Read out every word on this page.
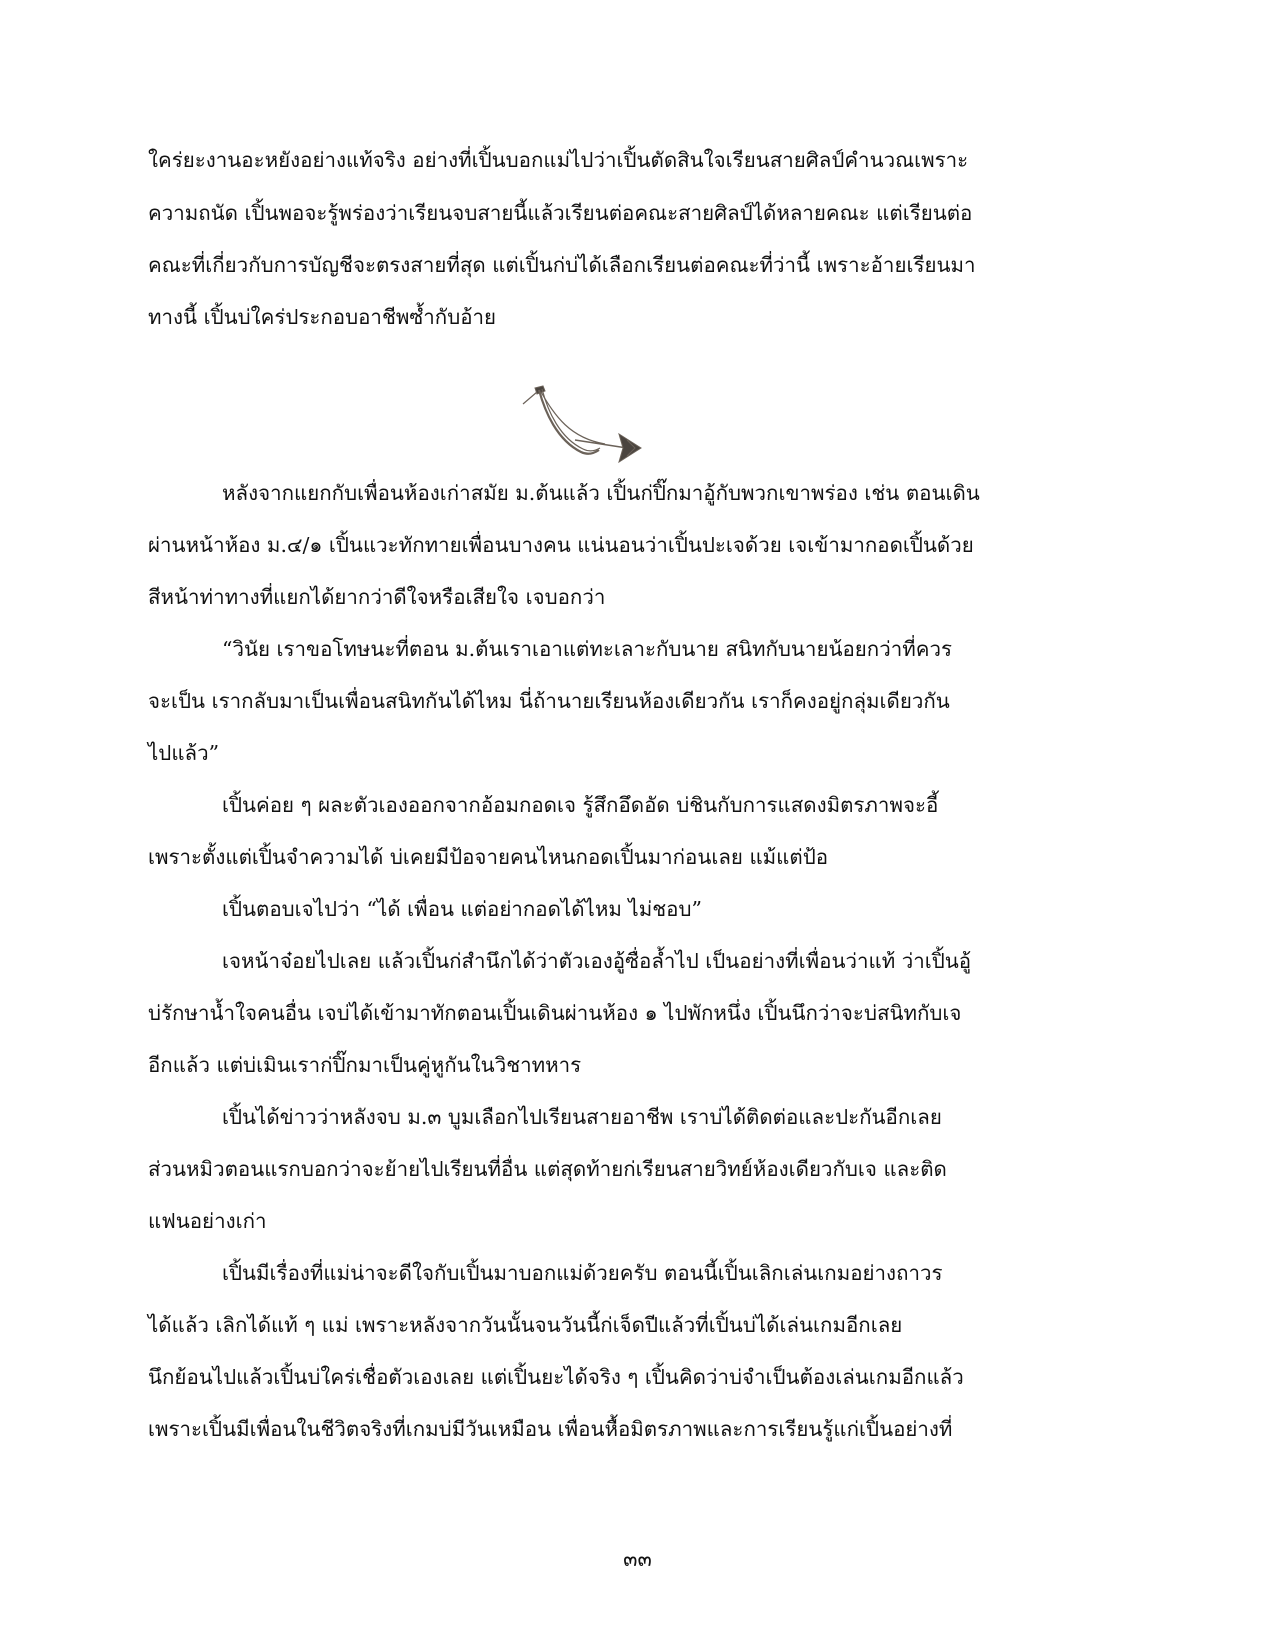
ใคร่ยะงานอะหยังอย่างแท้จริง อย่างที่เปิ้นบอกแม่ไปว่าเปิ้นตัดสินใจเรียนสายศิลป์คำนวณเพราะ
ความถนัด เปิ้นพอจะรู้พร่องว่าเรียนจบสายนี้แล้วเรียนต่อคณะสายศิลป์ได้หลายคณะ แต่เรียนต่อ
คณะที่เกี่ยวกับการบัญชีจะตรงสายที่สุด แต่เปิ้นก่บ่ได้เลือกเรียนต่อคณะที่ว่านี้ เพราะอ้ายเรียนมา
ทางนี้ เปิ้นบ่ใคร่ประกอบอาชีพซ้ำกับอ้าย
หลังจากแยกกับเพื่อนห้องเก่าสมัย ม.ต้นแล้ว เปิ้นก่ปิ๊กมาอู้กับพวกเขาพร่อง เช่น ตอนเดิน
ผ่านหน้าห้อง ม.๔/๑ เปิ้นแวะทักทายเพื่อนบางคน แน่นอนว่าเปิ้นปะเจด้วย เจเข้ามากอดเปิ้นด้วย
สีหน้าท่าทางที่แยกได้ยากว่าดีใจหรือเสียใจ เจบอกว่า
“วินัย เราขอโทษนะที่ตอน ม.ต้นเราเอาแต่ทะเลาะกับนาย สนิทกับนายน้อยกว่าที่ควร
จะเป็น เรากลับมาเป็นเพื่อนสนิทกันได้ไหม นี่ถ้านายเรียนห้องเดียวกัน เราก็คงอยู่กลุ่มเดียวกัน
ไปแล้ว”
เปิ้นค่อย ๆ ผละตัวเองออกจากอ้อมกอดเจ รู้สึกอึดอัด บ่ชินกับการแสดงมิตรภาพจะอี้
เพราะตั้งแต่เปิ้นจำความได้ บ่เคยมีป้อจายคนไหนกอดเปิ้นมาก่อนเลย แม้แต่ป้อ
เปิ้นตอบเจไปว่า “ได้ เพื่อน แต่อย่ากอดได้ไหม ไม่ชอบ”
เจหน้าจ๋อยไปเลย แล้วเปิ้นก่สำนึกได้ว่าตัวเองอู้ซื่อล้ำไป เป็นอย่างที่เพื่อนว่าแท้ ว่าเปิ้นอู้
บ่รักษาน้ำใจคนอื่น เจบ่ได้เข้ามาทักตอนเปิ้นเดินผ่านห้อง ๑ ไปพักหนึ่ง เปิ้นนึกว่าจะบ่สนิทกับเจ
อีกแล้ว แต่บ่เมินเราก่ปิ๊กมาเป็นคู่หูกันในวิชาทหาร
เปิ้นได้ข่าวว่าหลังจบ ม.๓ บูมเลือกไปเรียนสายอาชีพ เราบ่ได้ติดต่อและปะกันอีกเลย
ส่วนหมิวตอนแรกบอกว่าจะย้ายไปเรียนที่อื่น แต่สุดท้ายก่เรียนสายวิทย์ห้องเดียวกับเจ และติด
แฟนอย่างเก่า
เปิ้นมีเรื่องที่แม่น่าจะดีใจกับเปิ้นมาบอกแม่ด้วยครับ ตอนนี้เปิ้นเลิกเล่นเกมอย่างถาวร
ได้แล้ว เลิกได้แท้ ๆ แม่ เพราะหลังจากวันนั้นจนวันนี้ก่เจ็ดปีแล้วที่เปิ้นบ่ได้เล่นเกมอีกเลย
นึกย้อนไปแล้วเปิ้นบ่ใคร่เชื่อตัวเองเลย แต่เปิ้นยะได้จริง ๆ เปิ้นคิดว่าบ่จำเป็นต้องเล่นเกมอีกแล้ว
เพราะเปิ้นมีเพื่อนในชีวิตจริงที่เกมบ่มีวันเหมือน เพื่อนหื้อมิตรภาพและการเรียนรู้แก่เปิ้นอย่างที่
๓๓
